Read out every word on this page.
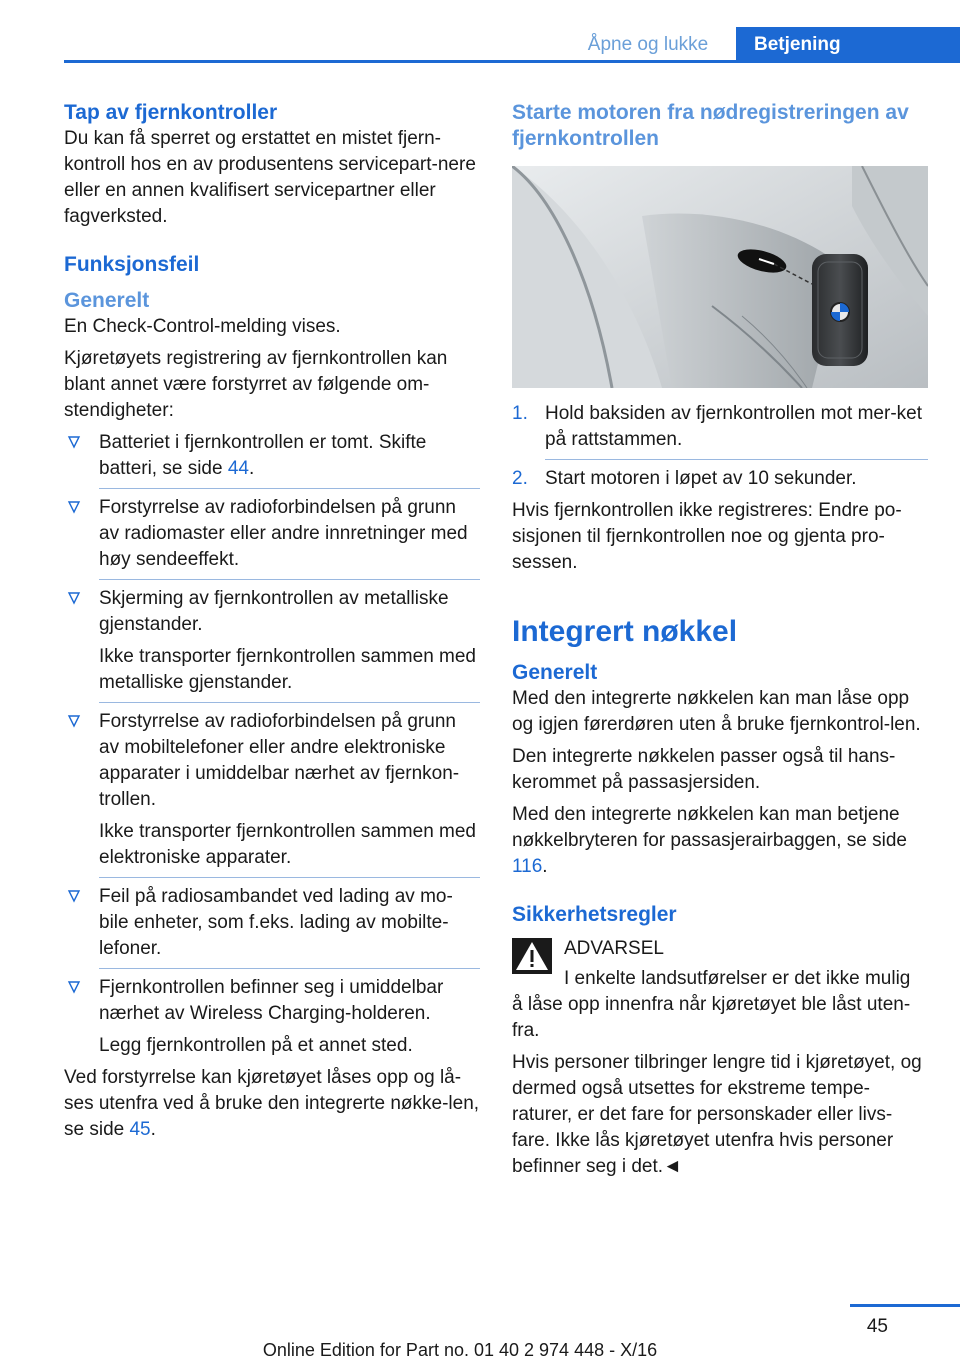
Åpne og lukke	Betjening
Tap av fjernkontroller

Du kan få sperret og erstattet en mistet fjern-kontroll hos en av produsentens servicepart-nere eller en annen kvalifisert servicepartner eller fagverksted.

Funksjonsfeil
Generelt

En Check-Control-melding vises.

Kjøretøyets registrering av fjernkontrollen kan blant annet være forstyrret av følgende om-stendigheter:

Batteriet i fjernkontrollen er tomt. Skifte batteri, se side 44.
Forstyrrelse av radioforbindelsen på grunn av radiomaster eller andre innretninger med høy sendeeffekt.
Skjerming av fjernkontrollen av metalliske gjenstander.
Ikke transporter fjernkontrollen sammen med metalliske gjenstander.
Forstyrrelse av radioforbindelsen på grunn av mobiltelefoner eller andre elektroniske apparater i umiddelbar nærhet av fjernkon-trollen.
Ikke transporter fjernkontrollen sammen med elektroniske apparater.
Feil på radiosambandet ved lading av mo-bile enheter, som f.eks. lading av mobilte-lefoner.
Fjernkontrollen befinner seg i umiddelbar nærhet av Wireless Charging-holderen.
Legg fjernkontrollen på et annet sted.

Ved forstyrrelse kan kjøretøyet låses opp og lå-ses utenfra ved å bruke den integrerte nøkke-len, se side 45.

Starte motoren fra nødregistreringen av fjernkontrollen
1. Hold baksiden av fjernkontrollen mot mer-ket på rattstammen.
2. Start motoren i løpet av 10 sekunder.

Hvis fjernkontrollen ikke registreres: Endre po-sisjonen til fjernkontrollen noe og gjenta pro-sessen.

Integrert nøkkel
Generelt

Med den integrerte nøkkelen kan man låse opp og igjen førerdøren uten å bruke fjernkontrol-len.

Den integrerte nøkkelen passer også til hans-kerommet på passasjersiden.

Med den integrerte nøkkelen kan man betjene nøkkelbryteren for passasjerairbaggen, se side 116.

Sikkerhetsregler
ADVARSEL
I enkelte landsutførelser er det ikke mulig

å låse opp innenfra når kjøretøyet ble låst uten-fra.

Hvis personer tilbringer lengre tid i kjøretøyet, og dermed også utsettes for ekstreme tempe-raturer, er det fare for personskader eller livs-fare. Ikke lås kjøretøyet utenfra hvis personer befinner seg i det.◄

45
Online Edition for Part no. 01 40 2 974 448 - X/16
